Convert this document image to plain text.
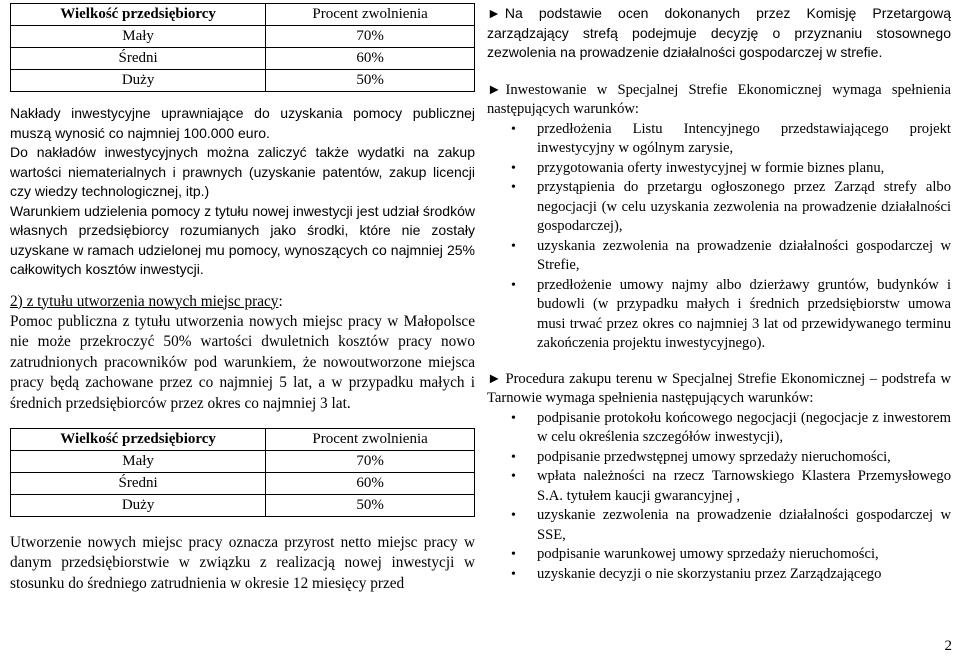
Wielkość przedsiębiorcy	Procent zwolnienia
Mały	70%
Średni	60%
Duży	50%

Nakłady inwestycyjne uprawniające do uzyskania pomocy publicznej muszą wynosić co najmniej 100.000 euro.

Do nakładów inwestycyjnych można zaliczyć także wydatki na zakup wartości niematerialnych i prawnych (uzyskanie patentów, zakup licencji czy wiedzy technologicznej, itp.)

Warunkiem udzielenia pomocy z tytułu nowej inwestycji jest udział środków własnych przedsiębiorcy rozumianych jako środki, które nie zostały uzyskane w ramach udzielonej mu pomocy, wynoszących co najmniej 25% całkowitych kosztów inwestycji.

2) z tytułu utworzenia nowych miejsc pracy:

Pomoc publiczna z tytułu utworzenia nowych miejsc pracy w Małopolsce nie może przekroczyć 50% wartości dwuletnich kosztów pracy nowo zatrudnionych pracowników pod warunkiem, że nowoutworzone miejsca pracy będą zachowane przez co najmniej 5 lat, a w przypadku małych i średnich przedsiębiorców przez okres co najmniej 3 lat.

Wielkość przedsiębiorcy	Procent zwolnienia
Mały	70%
Średni	60%
Duży	50%

Utworzenie nowych miejsc pracy oznacza przyrost netto miejsc pracy w danym przedsiębiorstwie w związku z realizacją nowej inwestycji w stosunku do średniego zatrudnienia w okresie 12 miesięcy przed

► Na podstawie ocen dokonanych przez Komisję Przetargową zarządzający strefą podejmuje decyzję o przyznaniu stosownego zezwolenia na prowadzenie działalności gospodarczej w strefie.

► Inwestowanie w Specjalnej Strefie Ekonomicznej wymaga spełnienia następujących warunków:

• przedłożenia Listu Intencyjnego przedstawiającego projekt inwestycyjny w ogólnym zarysie,
• przygotowania oferty inwestycyjnej w formie biznes planu,
• przystąpienia do przetargu ogłoszonego przez Zarząd strefy albo negocjacji (w celu uzyskania zezwolenia na prowadzenie działalności gospodarczej),
• uzyskania zezwolenia na prowadzenie działalności gospodarczej w Strefie,
• przedłożenie umowy najmy albo dzierżawy gruntów, budynków i budowli (w przypadku małych i średnich przedsiębiorstw umowa musi trwać przez okres co najmniej 3 lat od przewidywanego terminu zakończenia projektu inwestycyjnego).

► Procedura zakupu terenu w Specjalnej Strefie Ekonomicznej – podstrefa w Tarnowie wymaga spełnienia następujących warunków:

• podpisanie protokołu końcowego negocjacji (negocjacje z inwestorem w celu określenia szczegółów inwestycji),
• podpisanie przedwstępnej umowy sprzedaży nieruchomości,
• wpłata należności na rzecz Tarnowskiego Klastera Przemysłowego S.A. tytułem kaucji gwarancyjnej ,
• uzyskanie zezwolenia na prowadzenie działalności gospodarczej w SSE,
• podpisanie warunkowej umowy sprzedaży nieruchomości,
• uzyskanie decyzji o nie skorzystaniu przez Zarządzającego
2
